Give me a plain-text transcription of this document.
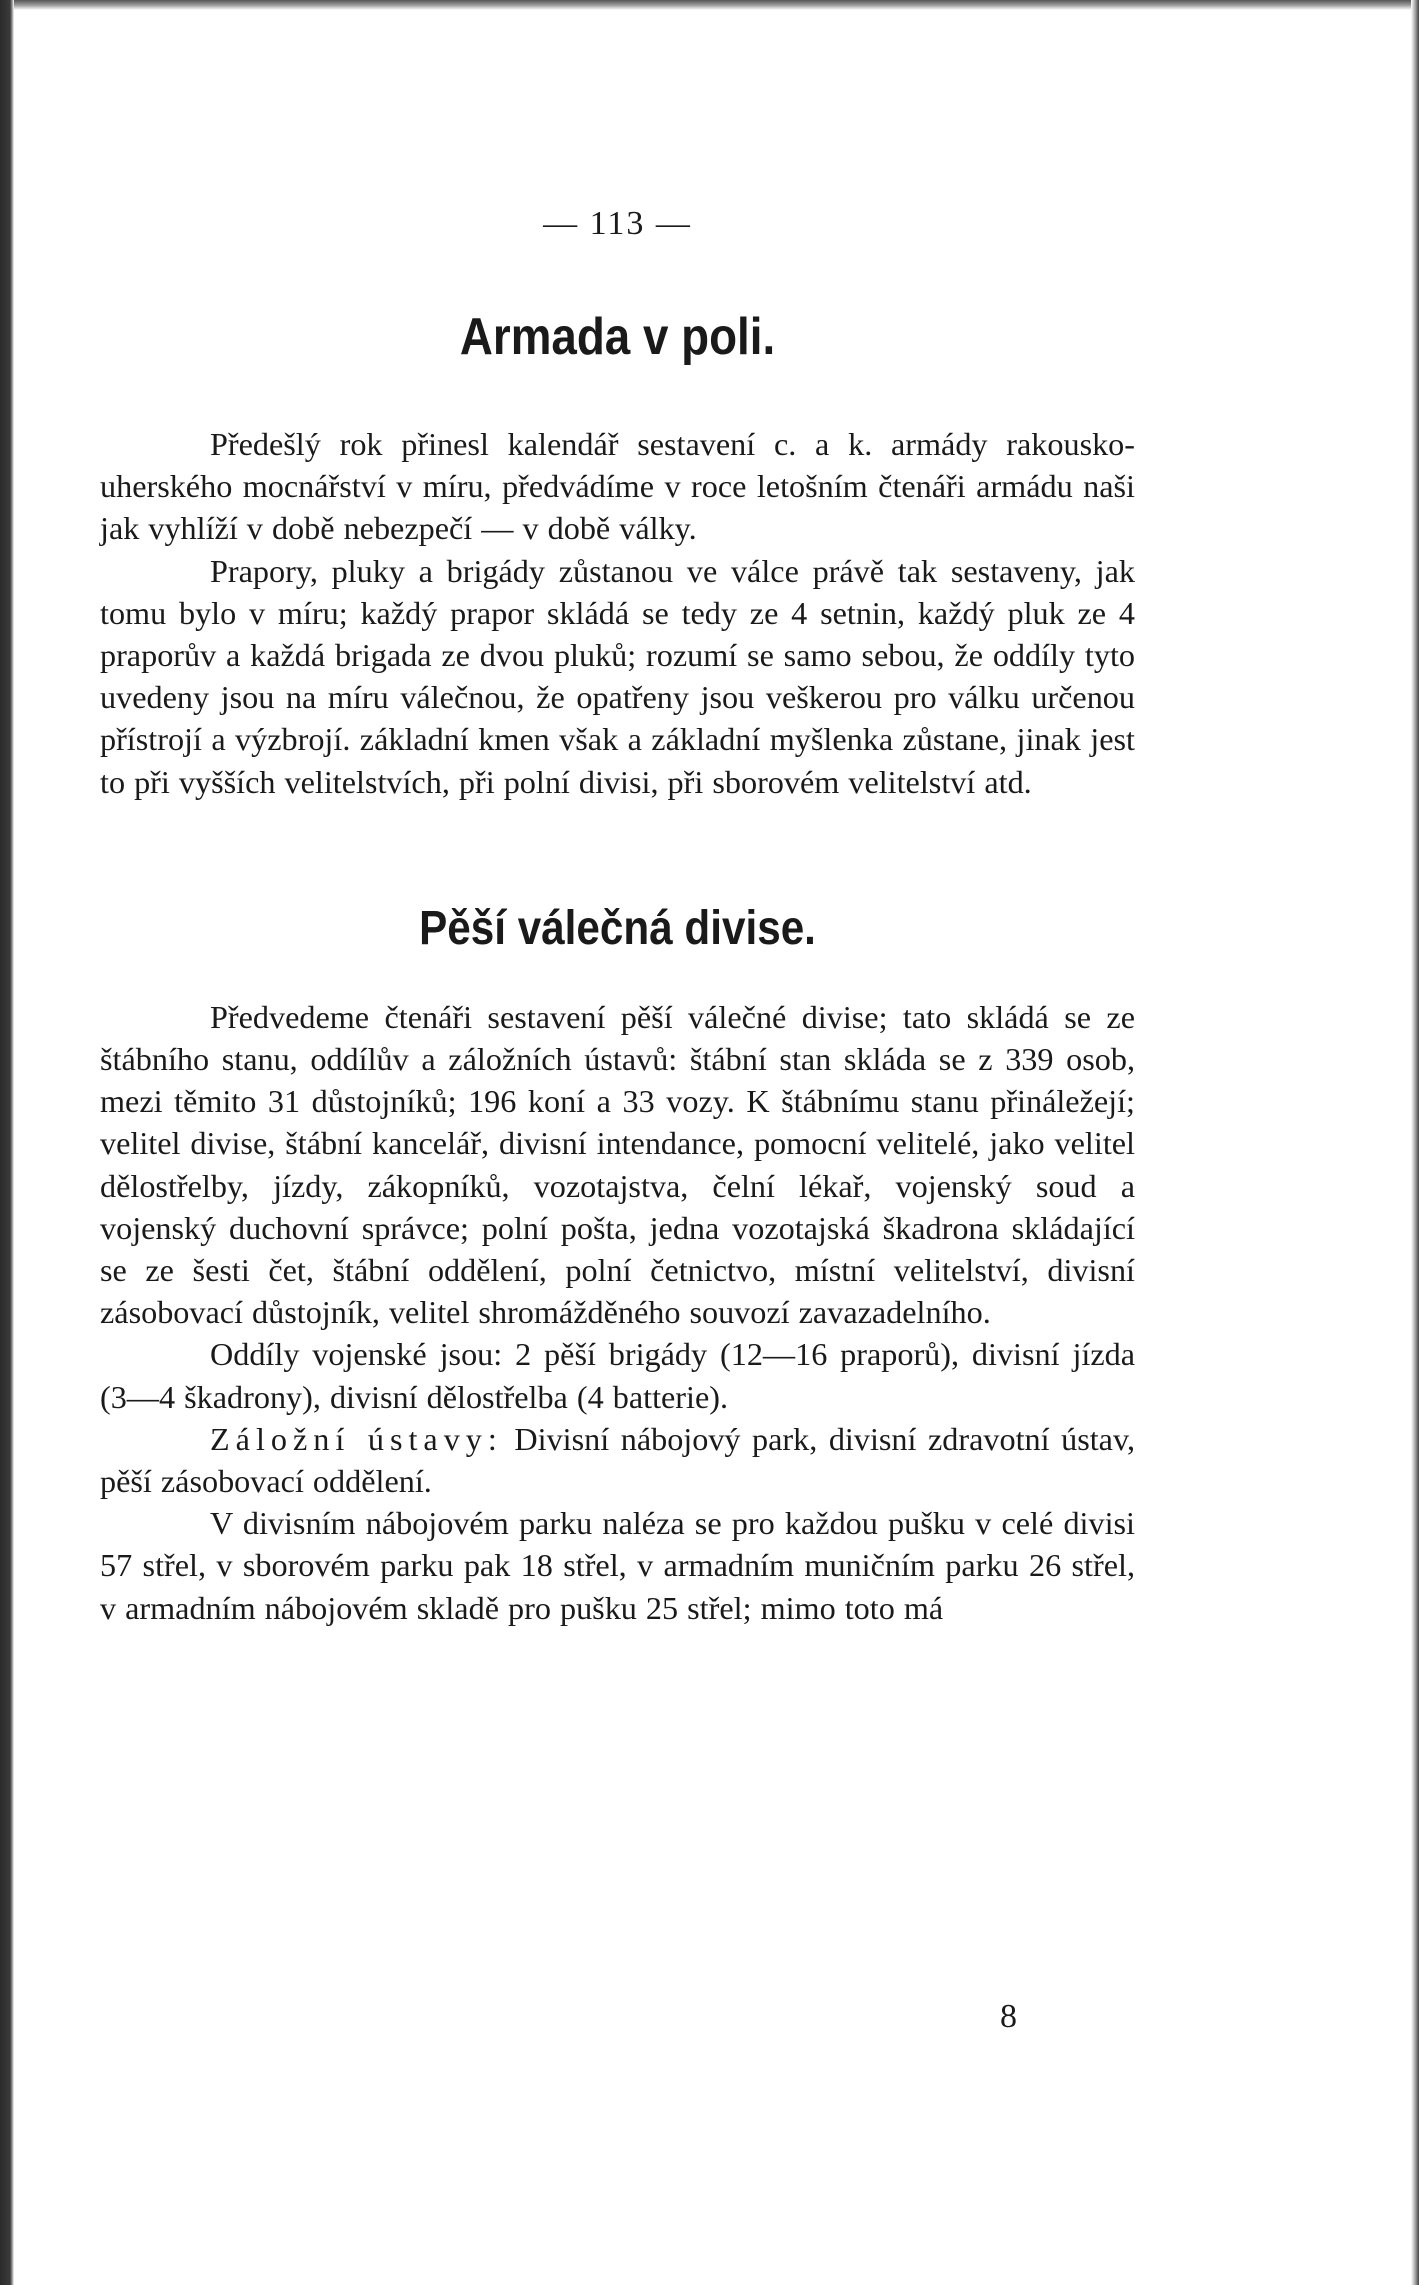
— 113 —
Armada v poli.

Předešlý rok přinesl kalendář sestavení c. a k. armády rakousko-uherského mocnářství v míru, předvádíme v roce letošním čtenáři armádu naši jak vyhlíží v době nebezpečí — v době války.

Prapory, pluky a brigády zůstanou ve válce právě tak sestaveny, jak tomu bylo v míru; každý prapor skládá se tedy ze 4 setnin, každý pluk ze 4 praporův a každá brigada ze dvou pluků; rozumí se samo sebou, že oddíly tyto uvedeny jsou na míru válečnou, že opatřeny jsou veškerou pro válku určenou přístrojí a výzbrojí. základní kmen však a základní myšlenka zůstane, jinak jest to při vyšších velitelstvích, při polní divisi, při sborovém velitelství atd.

Pěší válečná divise.

Předvedeme čtenáři sestavení pěší válečné divise; tato skládá se ze štábního stanu, oddílův a záložních ústavů: štábní stan skláda se z 339 osob, mezi těmito 31 důstojníků; 196 koní a 33 vozy. K štábnímu stanu přináležejí; velitel divise, štábní kancelář, divisní intendance, pomocní velitelé, jako velitel dělostřelby, jízdy, zákopníků, vozotajstva, čelní lékař, vojenský soud a vojenský duchovní správce; polní pošta, jedna vozotajská škadrona skládající se ze šesti čet, štábní oddělení, polní četnictvo, místní velitelství, divisní zásobovací důstojník, velitel shromážděného souvozí zavazadelního.

Oddíly vojenské jsou: 2 pěší brigády (12—16 praporů), divisní jízda (3—4 škadrony), divisní dělostřelba (4 batterie).

Záložní ústavy: Divisní nábojový park, divisní zdravotní ústav, pěší zásobovací oddělení.

V divisním nábojovém parku naléza se pro každou pušku v celé divisi 57 střel, v sborovém parku pak 18 střel, v armadním muničním parku 26 střel, v armadním nábojovém skladě pro pušku 25 střel; mimo toto má

8
